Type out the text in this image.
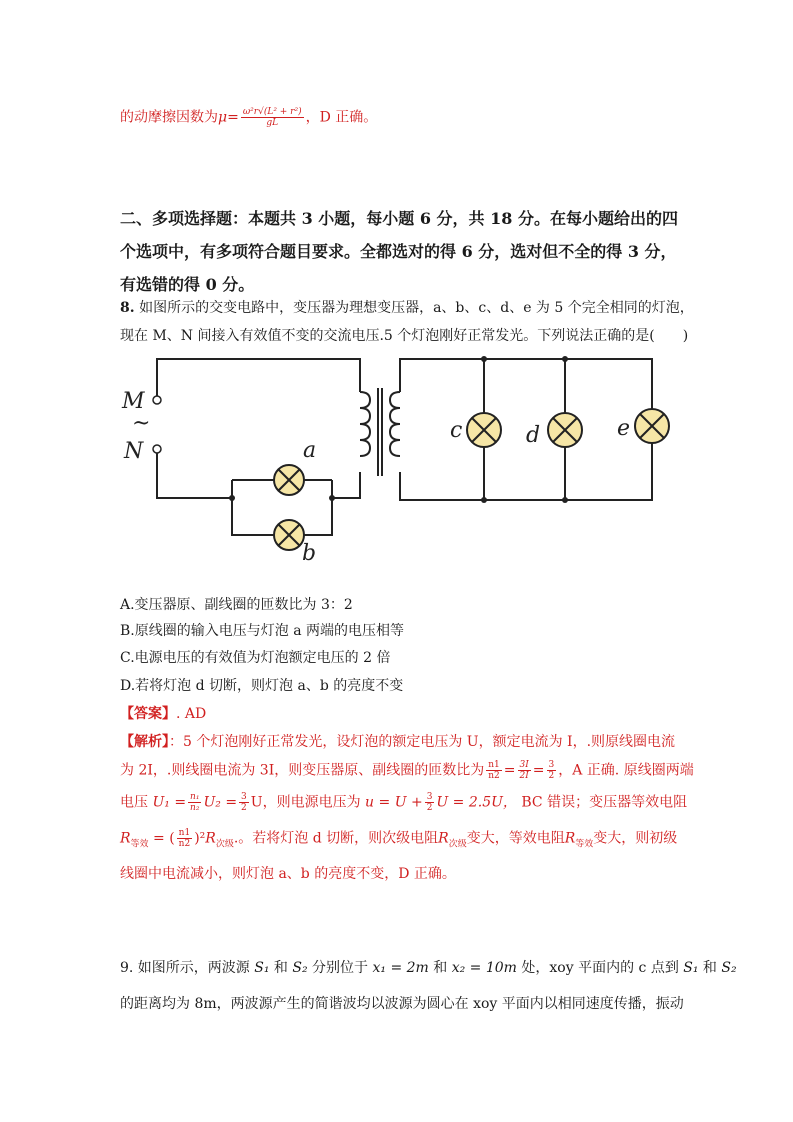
的动摩擦因数为$\mu= \frac{\text{ω²r√(L² + r²)}}{gL}$ ，D 正确。
二、多项选择题：本题共 3 小题，每小题 6 分，共 18 分。在每小题给出的四个选项中，有多项符合题目要求。全都选对的得 6 分，选对但不全的得 3 分，有选错的得 0 分。
8. 如图所示的交变电路中，变压器为理想变压器，a、b、c、d、e 为 5 个完全相同的灯泡，
现在 M、N 间接入有效值不变的交流电压.5 个灯泡刚好正常发光。下列说法正确的是( )
M
~
N	a
b
c	d	e
A.变压器原、副线圈的匝数比为 3：2
B.原线圈的输入电压与灯泡 a 两端的电压相等
C.电源电压的有效值为灯泡额定电压的 2 倍
D.若将灯泡 d 切断，则灯泡 a、b 的亮度不变
【答案】. AD
【解析】：5 个灯泡刚好正常发光，设灯泡的额定电压为 U，额定电流为 I，.则原线圈电流
为 2I，.则线圈电流为 3I，则变压器原、副线圈的匝数比为 $\frac{n1}{n2} = \frac{3I}{2I} = \frac{3}{2}$ ，A 正确. 原线圈两端
电压 $U_1 = \frac{\text{n₁}}{\text{n₂}} U_2 = \frac{3}{2}$ U，则电源电压为 $u = U + \frac{3}{2}$ U = 2.5U， BC 错误；变压器等效电阻
$R_{等效}$ = ( $\frac{n1}{n2} )^2R_{次级}$.。若将灯泡 d 切断，则次级电阻$R_{次级}$变大，等效电阻$R_{等效}$变大，则初级
线圈中电流减小，则灯泡 a、b 的亮度不变，D 正确。
9. 如图所示，两波源 S₁ 和 S₂ 分别位于 x₁ = 2m 和 x₂ = 10m 处，xoy 平面内的 c 点到 S₁ 和 S₂
的距离均为 8m，两波源产生的简谐波均以波源为圆心在 xoy 平面内以相同速度传播，振动
